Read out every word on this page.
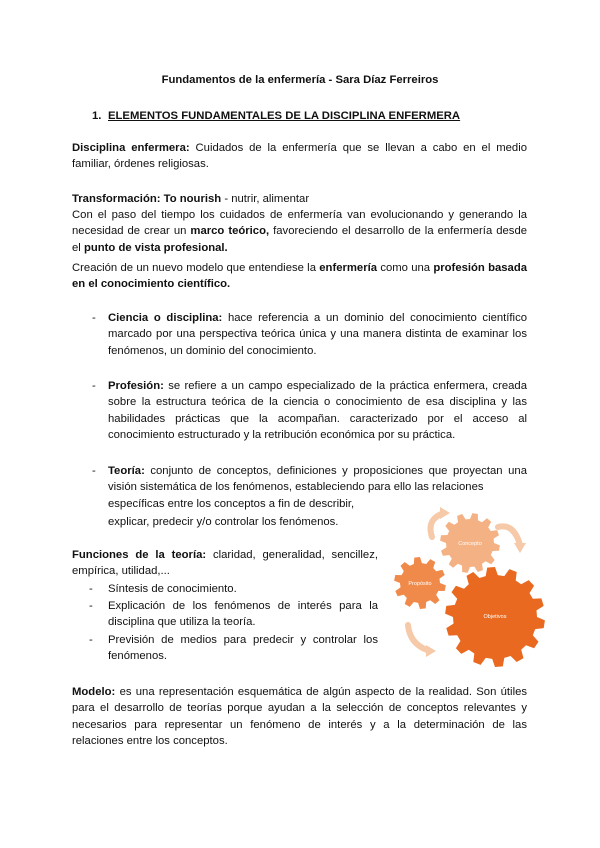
Fundamentos de la enfermería - Sara Díaz Ferreiros
1. ELEMENTOS FUNDAMENTALES DE LA DISCIPLINA ENFERMERA
Disciplina enfermera: Cuidados de la enfermería que se llevan a cabo en el medio familiar, órdenes religiosas.
Transformación: To nourish - nutrir, alimentar
Con el paso del tiempo los cuidados de enfermería van evolucionando y generando la necesidad de crear un marco teórico, favoreciendo el desarrollo de la enfermería desde el punto de vista profesional.
Creación de un nuevo modelo que entendiese la enfermería como una profesión basada en el conocimiento científico.
- Ciencia o disciplina: hace referencia a un dominio del conocimiento científico marcado por una perspectiva teórica única y una manera distinta de examinar los fenómenos, un dominio del conocimiento.
- Profesión: se refiere a un campo especializado de la práctica enfermera, creada sobre la estructura teórica de la ciencia o conocimiento de esa disciplina y las habilidades prácticas que la acompañan. caracterizado por el acceso al conocimiento estructurado y la retribución económica por su práctica.
- Teoría: conjunto de conceptos, definiciones y proposiciones que proyectan una visión sistemática de los fenómenos, estableciendo para ello las relaciones
específicas entre los conceptos a fin de describir,
explicar, predecir y/o controlar los fenómenos.
Funciones de la teoría: claridad, generalidad, sencillez, empírica, utilidad,...
- Síntesis de conocimiento.
- Explicación de los fenómenos de interés para la disciplina que utiliza la teoría.
- Previsión de medios para predecir y controlar los fenómenos.
Concepto
Propósito
Objetivos
Modelo: es una representación esquemática de algún aspecto de la realidad. Son útiles para el desarrollo de teorías porque ayudan a la selección de conceptos relevantes y necesarios para representar un fenómeno de interés y a la determinación de las relaciones entre los conceptos.
